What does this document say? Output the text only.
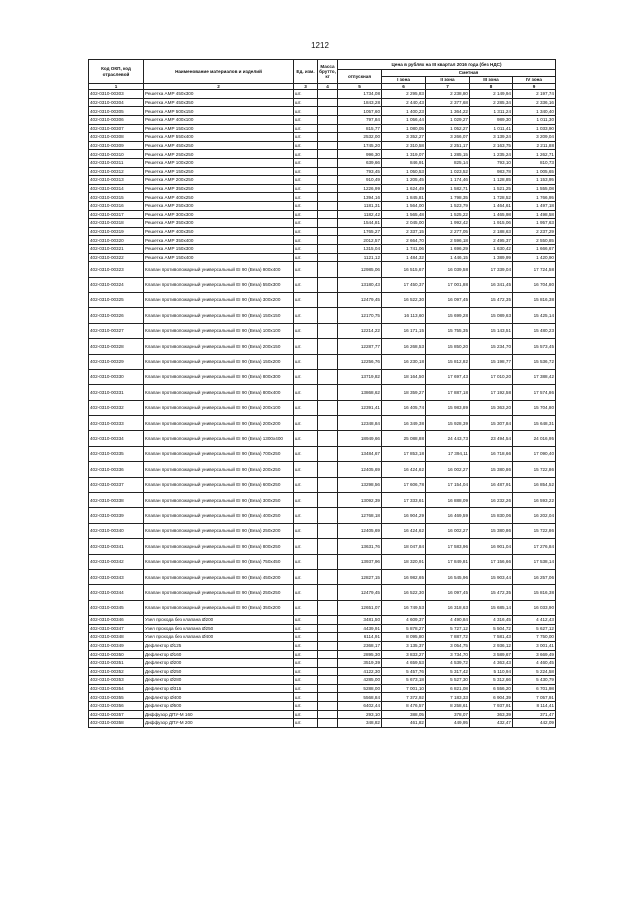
1212
Код ОКП, код отраслевой	Наименование материалов и изделий	Ед. изм.	Масса брутто, кг	Цена в рублях на III квартал 2016 года (без НДС)				
				отпускная	Сметная			
					I зона	II зона	III зона	IV зона
1	2	3	4	5	6	7	8	9
402-0310-00303	Решетка АМР 450х300	шт.		1734,08	2 295,83	2 238,80	2 149,94	2 197,74
402-0310-00304	Решетка АМР 450х350	шт.		1843,28	2 440,43	2 377,68	2 285,34	2 336,16
402-0310-00305	Решетка АМР 500х150	шт.		1057,60	1 400,23	1 364,22	1 311,24	1 340,40
402-0310-00306	Решетка АМР 400х100	шт.		797,84	1 056,44	1 029,27	989,30	1 011,30
402-0310-00307	Решетка АМР 150х100	шт.		815,77	1 080,05	1 052,27	1 011,41	1 033,90
402-0310-00308	Решетка АМР 550х400	шт.		2532,00	3 352,27	3 266,07	3 139,24	3 209,04
402-0310-00309	Решетка АМР 450х250	шт.		1745,20	2 310,58	2 251,17	2 163,75	2 211,88
402-0310-00310	Решетка АМР 250х250	шт.		996,30	1 319,07	1 285,15	1 235,24	1 262,71
402-0310-00311	Решетка АМР 100х200	шт.		639,66	846,91	825,14	793,10	810,73
402-0310-00312	Решетка АМР 150х250	шт.		793,45	1 050,53	1 023,52	983,78	1 005,65
402-0310-00313	Решетка АМР 200х250	шт.		910,49	1 205,45	1 174,46	1 128,85	1 153,95
402-0310-00314	Решетка АМР 350х250	шт.		1226,99	1 624,49	1 582,71	1 521,25	1 555,08
402-0310-00315	Решетка АМР 400х250	шт.		1394,16	1 845,81	1 798,35	1 728,52	1 766,95
402-0310-00316	Решетка АМР 250х300	шт.		1181,31	1 564,00	1 523,79	1 464,61	1 497,18
402-0310-00317	Решетка АМР 300х300	шт.		1182,42	1 565,48	1 525,22	1 465,98	1 498,58
402-0310-00318	Решетка АМР 350х300	шт.		1544,81	2 045,00	1 992,42	1 915,06	1 957,63
402-0310-00319	Решетка АМР 400х350	шт.		1765,27	2 337,15	2 277,05	2 188,63	2 237,29
402-0310-00320	Решетка АМР 350х400	шт.		2012,57	2 664,70	2 596,18	2 495,37	2 550,85
402-0310-00321	Решетка АМР 150х300	шт.		1315,04	1 741,06	1 696,29	1 630,42	1 666,67
402-0310-00322	Решетка АМР 150х400	шт.		1121,12	1 484,32	1 446,15	1 389,99	1 420,90
402-0310-00323	Клапан противопожарный универсальный EI 90 (Веза) 900х400	шт.		12985,06	16 515,67	16 039,58	17 339,04	17 724,58
402-0310-00324	Клапан противопожарный универсальный EI 90 (Веза) 550х300	шт.		13180,43	17 450,37	17 001,88	16 341,45	16 704,80
402-0310-00325	Клапан противопожарный универсальный EI 90 (Веза) 300х200	шт.		12479,45	16 522,30	16 097,45	15 472,35	15 816,38
402-0310-00326	Клапан противопожарный универсальный EI 90 (Веза) 150х150	шт.		12170,75	16 113,60	15 699,28	15 089,63	15 425,14
402-0310-00327	Клапан противопожарный универсальный EI 90 (Веза) 100х100	шт.		12214,22	16 171,15	15 755,35	15 143,51	15 480,23
402-0310-00328	Клапан противопожарный универсальный EI 90 (Веза) 200х150	шт.		12287,77	16 268,53	15 850,20	15 234,70	15 573,45
402-0310-00329	Клапан противопожарный универсальный EI 90 (Веза) 150х200	шт.		12256,76	16 230,18	15 812,82	15 198,77	15 536,72
402-0310-00330	Клапан противопожарный универсальный EI 90 (Веза) 800х300	шт.		13719,82	18 164,50	17 697,43	17 010,20	17 388,42
402-0310-00331	Клапан противопожарный универсальный EI 90 (Веза) 800х400	шт.		13868,62	18 359,27	17 887,18	17 192,58	17 574,86
402-0310-00332	Клапан противопожарный универсальный EI 90 (Веза) 200х100	шт.		12391,41	16 405,74	15 983,89	15 363,20	15 704,80
402-0310-00333	Клапан противопожарный универсальный EI 90 (Веза) 200х200	шт.		12348,84	16 349,38	15 928,39	15 307,84	15 648,31
402-0310-00334	Клапан противопожарный универсальный EI 90 (Веза) 1300х400	шт.		18949,66	25 088,88	24 443,73	23 494,54	24 016,95
402-0310-00335	Клапан противопожарный универсальный EI 90 (Веза) 700х250	шт.		13484,67	17 853,18	17 394,11	16 718,66	17 090,40
402-0310-00336	Клапан противопожарный универсальный EI 90 (Веза) 200х250	шт.		12405,69	16 424,62	16 002,27	15 380,86	15 722,86
402-0310-00337	Клапан противопожарный универсальный EI 90 (Веза) 600х250	шт.		13298,56	17 606,78	17 154,04	16 487,91	16 854,52
402-0310-00338	Клапан противопожарный универсальный EI 90 (Веза) 300х250	шт.		13092,39	17 333,61	16 888,09	16 232,26	16 593,22
402-0310-00339	Клапан противопожарный универсальный EI 90 (Веза) 400х250	шт.		12768,18	16 904,29	16 469,59	15 830,06	16 202,04
402-0310-00340	Клапан противопожарный универсальный EI 90 (Веза) 250х200	шт.		12405,69	16 424,62	16 002,27	15 380,86	15 722,86
402-0310-00341	Клапан противопожарный универсальный EI 90 (Веза) 800х250	шт.		13631,76	18 047,84	17 583,96	16 901,04	17 276,84
402-0310-00342	Клапан противопожарный универсальный EI 90 (Веза) 750х450	шт.		13937,96	18 320,91	17 849,81	17 156,66	17 538,14
402-0310-00343	Клапан противопожарный универсальный EI 90 (Веза) 450х200	шт.		12827,15	16 982,65	16 545,96	15 903,44	16 257,06
402-0310-00344	Клапан противопожарный универсальный EI 90 (Веза) 250х250	шт.		12479,45	16 522,30	16 097,45	15 472,35	15 816,38
402-0310-00345	Клапан противопожарный универсальный EI 90 (Веза) 350х200	шт.		12651,07	16 749,53	16 318,63	15 685,14	16 033,90
402-0310-00346	Узел прохода без клапана Ø200	шт.		3481,50	4 609,37	4 490,84	4 316,45	4 412,43
402-0310-00347	Узел прохода без клапана Ø250	шт.		4439,91	5 878,27	5 727,12	5 504,72	5 627,12
402-0310-00348	Узел прохода без клапана Ø400	шт.		6114,91	8 095,80	7 887,72	7 581,43	7 750,00
402-0310-00349	Дефлектор Ø125	шт.		2368,17	3 135,37	3 054,75	2 936,12	3 001,41
402-0310-00350	Дефлектор Ø160	шт.		2895,30	3 833,27	3 734,70	3 589,67	3 669,49
402-0310-00351	Дефлектор Ø200	шт.		3519,39	4 659,53	4 539,72	4 363,43	4 460,45
402-0310-00352	Дефлектор Ø250	шт.		4122,30	5 457,76	5 317,42	5 110,94	5 224,58
402-0310-00353	Дефлектор Ø280	шт.		4285,00	5 673,18	5 527,30	5 312,66	5 430,79
402-0310-00354	Дефлектор Ø315	шт.		5288,00	7 001,10	6 821,08	6 556,20	6 701,98
402-0310-00355	Дефлектор Ø400	шт.		5568,84	7 372,92	7 183,33	6 904,39	7 057,91
402-0310-00356	Дефлектор Ø500	шт.		6402,44	8 476,57	8 258,61	7 937,91	8 114,41
402-0310-00357	Диффузор ДПУ-М 160	шт.		293,10	388,05	378,07	363,39	371,47
402-0310-00358	Диффузор ДПУ-М 200	шт.		348,82	461,82	449,95	432,47	442,09
